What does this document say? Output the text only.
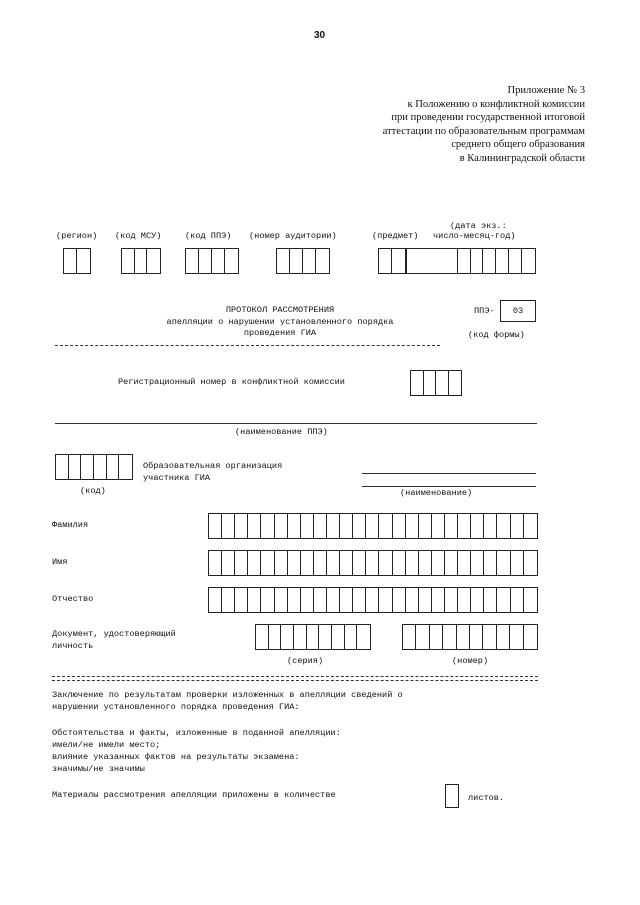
30
Приложение № 3
к Положению о конфликтной комиссии
при проведении государственной итоговой
аттестации по образовательным программам
среднего общего образования
в Калининградской области
(регион) (код МСУ)	(код ППЭ) (номер аудитории)	(предмет)
(дата экз.:
число-месяц-год)
ПРОТОКОЛ РАССМОТРЕНИЯ
апелляции о нарушении установленного порядка
проведения ГИА
ППЭ-	03
(код формы)
Регистрационный номер в конфликтной комиссии
(наименование ППЭ)
(код)
Образовательная организация
участника ГИА
(наименование)
Фамилия
Имя
Отчество
Документ, удостоверяющий
личность
(серия)	(номер)
Заключение по результатам проверки изложенных в апелляции сведений о
нарушении установленного порядка проведения ГИА:
Обстоятельства и факты, изложенные в поданной апелляции:
имели/не имели место;
влияние указанных фактов на результаты экзамена:
значимы/не значимы
Материалы рассмотрения апелляции приложены в количестве	листов.
